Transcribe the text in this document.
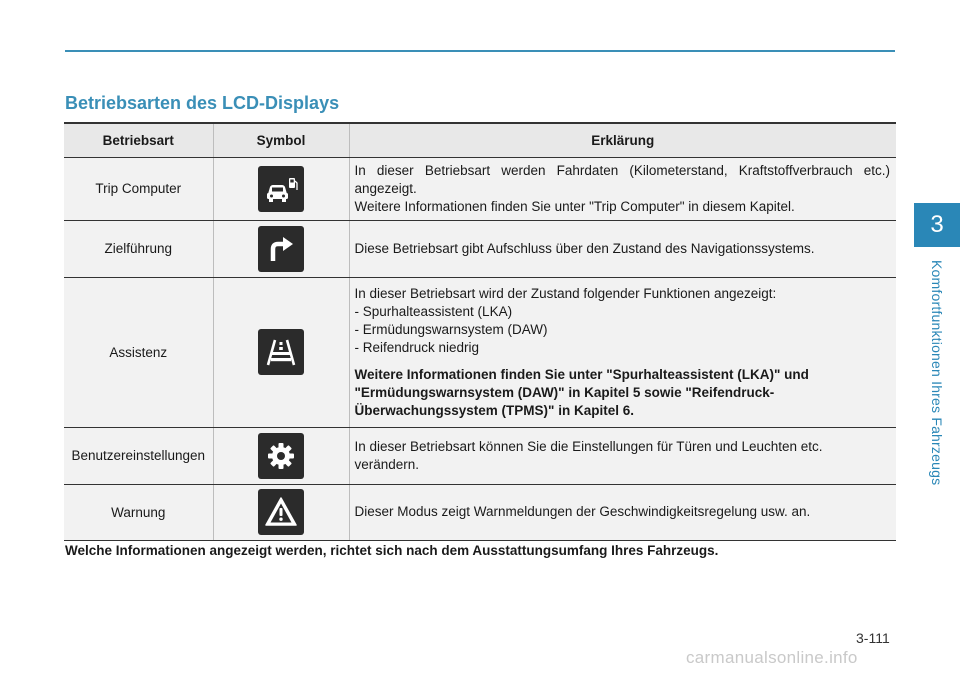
3
Komfortfunktionen Ihres Fahrzeugs
Betriebsarten des LCD-Displays
Betriebsart	Symbol	Erklärung
Trip Computer		In dieser Betriebsart werden Fahrdaten (Kilometerstand, Kraftstoffverbrauch etc.) angezeigt.
Weitere Informationen finden Sie unter "Trip Computer" in diesem Kapitel.

Zielführung		Diese Betriebsart gibt Aufschluss über den Zustand des Navigationssystems.

Assistenz		In dieser Betriebsart wird der Zustand folgender Funktionen angezeigt:
- Spurhalteassistent (LKA)
- Ermüdungswarnsystem (DAW)
- Reifendruck niedrig
Weitere Informationen finden Sie unter "Spurhalteassistent (LKA)" und "Ermüdungswarnsystem (DAW)" in Kapitel 5 sowie "Reifendruck-Überwachungssystem (TPMS)" in Kapitel 6.

Benutzereinstellungen		In dieser Betriebsart können Sie die Einstellungen für Türen und Leuchten etc. verändern.

Warnung		Dieser Modus zeigt Warnmeldungen der Geschwindigkeitsregelung usw. an.
Welche Informationen angezeigt werden, richtet sich nach dem Ausstattungsumfang Ihres Fahrzeugs.
3-111
carmanualsonline.info
